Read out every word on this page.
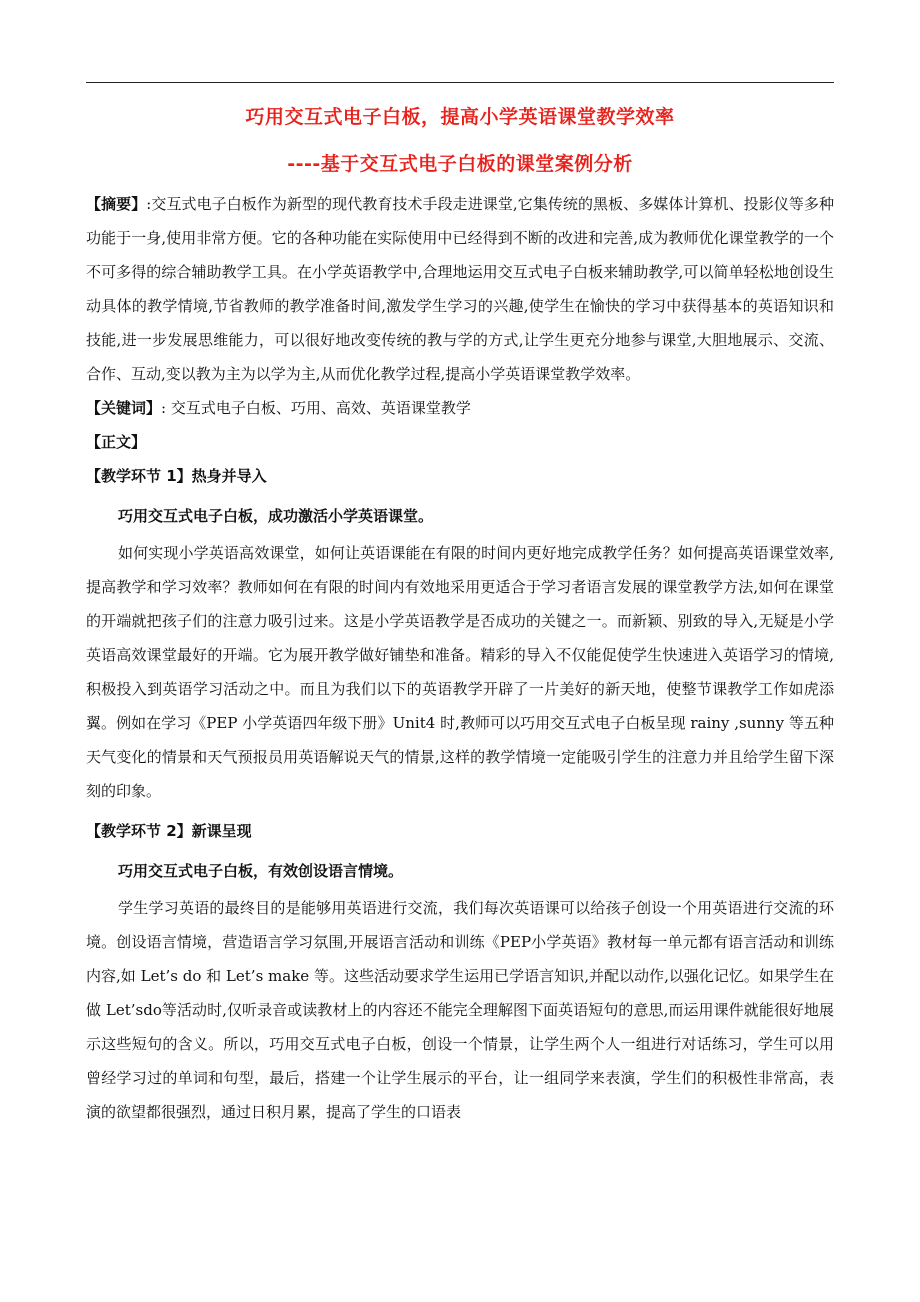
巧用交互式电子白板，提高小学英语课堂教学效率
----基于交互式电子白板的课堂案例分析

【摘要】:交互式电子白板作为新型的现代教育技术手段走进课堂,它集传统的黑板、多媒体计算机、投影仪等多种功能于一身,使用非常方便。它的各种功能在实际使用中已经得到不断的改进和完善,成为教师优化课堂教学的一个不可多得的综合辅助教学工具。在小学英语教学中,合理地运用交互式电子白板来辅助教学,可以简单轻松地创设生动具体的教学情境,节省教师的教学准备时间,激发学生学习的兴趣,使学生在愉快的学习中获得基本的英语知识和技能,进一步发展思维能力，可以很好地改变传统的教与学的方式,让学生更充分地参与课堂,大胆地展示、交流、合作、互动,变以教为主为以学为主,从而优化教学过程,提高小学英语课堂教学效率。

【关键词】: 交互式电子白板、巧用、高效、英语课堂教学

【正文】

【教学环节 1】热身并导入

巧用交互式电子白板，成功激活小学英语课堂。

如何实现小学英语高效课堂，如何让英语课能在有限的时间内更好地完成教学任务？如何提高英语课堂效率,提高教学和学习效率？教师如何在有限的时间内有效地采用更适合于学习者语言发展的课堂教学方法,如何在课堂的开端就把孩子们的注意力吸引过来。这是小学英语教学是否成功的关键之一。而新颖、别致的导入,无疑是小学英语高效课堂最好的开端。它为展开教学做好铺垫和准备。精彩的导入不仅能促使学生快速进入英语学习的情境,积极投入到英语学习活动之中。而且为我们以下的英语教学开辟了一片美好的新天地，使整节课教学工作如虎添翼。例如在学习《PEP 小学英语四年级下册》Unit4 时,教师可以巧用交互式电子白板呈现 rainy ,sunny 等五种天气变化的情景和天气预报员用英语解说天气的情景,这样的教学情境一定能吸引学生的注意力并且给学生留下深刻的印象。

【教学环节 2】新课呈现

巧用交互式电子白板，有效创设语言情境。

学生学习英语的最终目的是能够用英语进行交流，我们每次英语课可以给孩子创设一个用英语进行交流的环境。创设语言情境，营造语言学习氛围,开展语言活动和训练《PEP小学英语》教材每一单元都有语言活动和训练内容,如 Let’s do 和 Let’s make 等。这些活动要求学生运用已学语言知识,并配以动作,以强化记忆。如果学生在做 Let’sdo等活动时,仅听录音或读教材上的内容还不能完全理解图下面英语短句的意思,而运用课件就能很好地展示这些短句的含义。所以，巧用交互式电子白板，创设一个情景，让学生两个人一组进行对话练习，学生可以用曾经学习过的单词和句型，最后，搭建一个让学生展示的平台，让一组同学来表演，学生们的积极性非常高，表演的欲望都很强烈，通过日积月累，提高了学生的口语表
